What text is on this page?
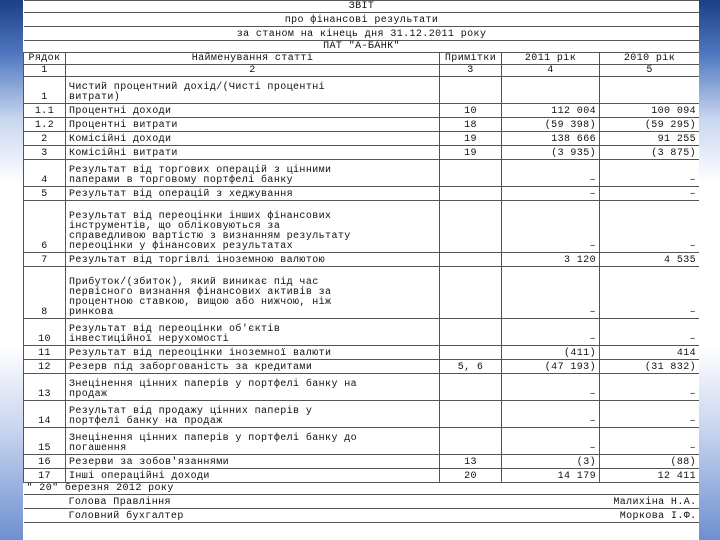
ЗВІТ				
про фінансові результати				
за станом на кінець дня 31.12.2011 року				
ПАТ "А-БАНК"				
Рядок	Найменування статті	Примітки	2011 рік	2010 рік
1	2	3	4	5
1	Чистий процентний дохід/(Чисті процентні
витрати)			
1.1	Процентні доходи	10	112 004	100 094
1.2	Процентні витрати	18	(59 398)	(59 295)
2	Комісійні доходи	19	138 666	91 255
3	Комісійні витрати	19	(3 935)	(3 875)
4	Результат від торгових операцій з цінними
паперами в торговому портфелі банку		–	–
5	Результат від операцій з хеджування		–	–
6	Результат від переоцінки інших фінансових
інструментів, що обліковуються за
справедливою вартістю з визнанням результату
переоцінки у фінансових результатах		–	–
7	Результат від торгівлі іноземною валютою		3 120	4 535
8	Прибуток/(збиток), який виникає під час
первісного визнання фінансових активів за
процентною ставкою, вищою або нижчою, ніж
ринкова		–	–
10	Результат від переоцінки об'єктів
інвестиційної нерухомості		–	–
11	Результат від переоцінки іноземної валюти		(411)	414
12	Резерв під заборгованість за кредитами	5, 6	(47 193)	(31 832)
13	Знецінення цінних паперів у портфелі банку на
продаж		–	–
14	Результат від продажу цінних паперів у
портфелі банку на продаж		–	–
15	Знецінення цінних паперів у портфелі банку до
погашення		–	–
16	Резерви за зобов'язаннями	13	(3)	(88)
17	Інші операційні доходи	20	14 179	12 411
" 20" березня 2012 року				
	Голова Правління		Малихіна Н.А.	
	Головний бухгалтер		Моркова І.Ф.	
